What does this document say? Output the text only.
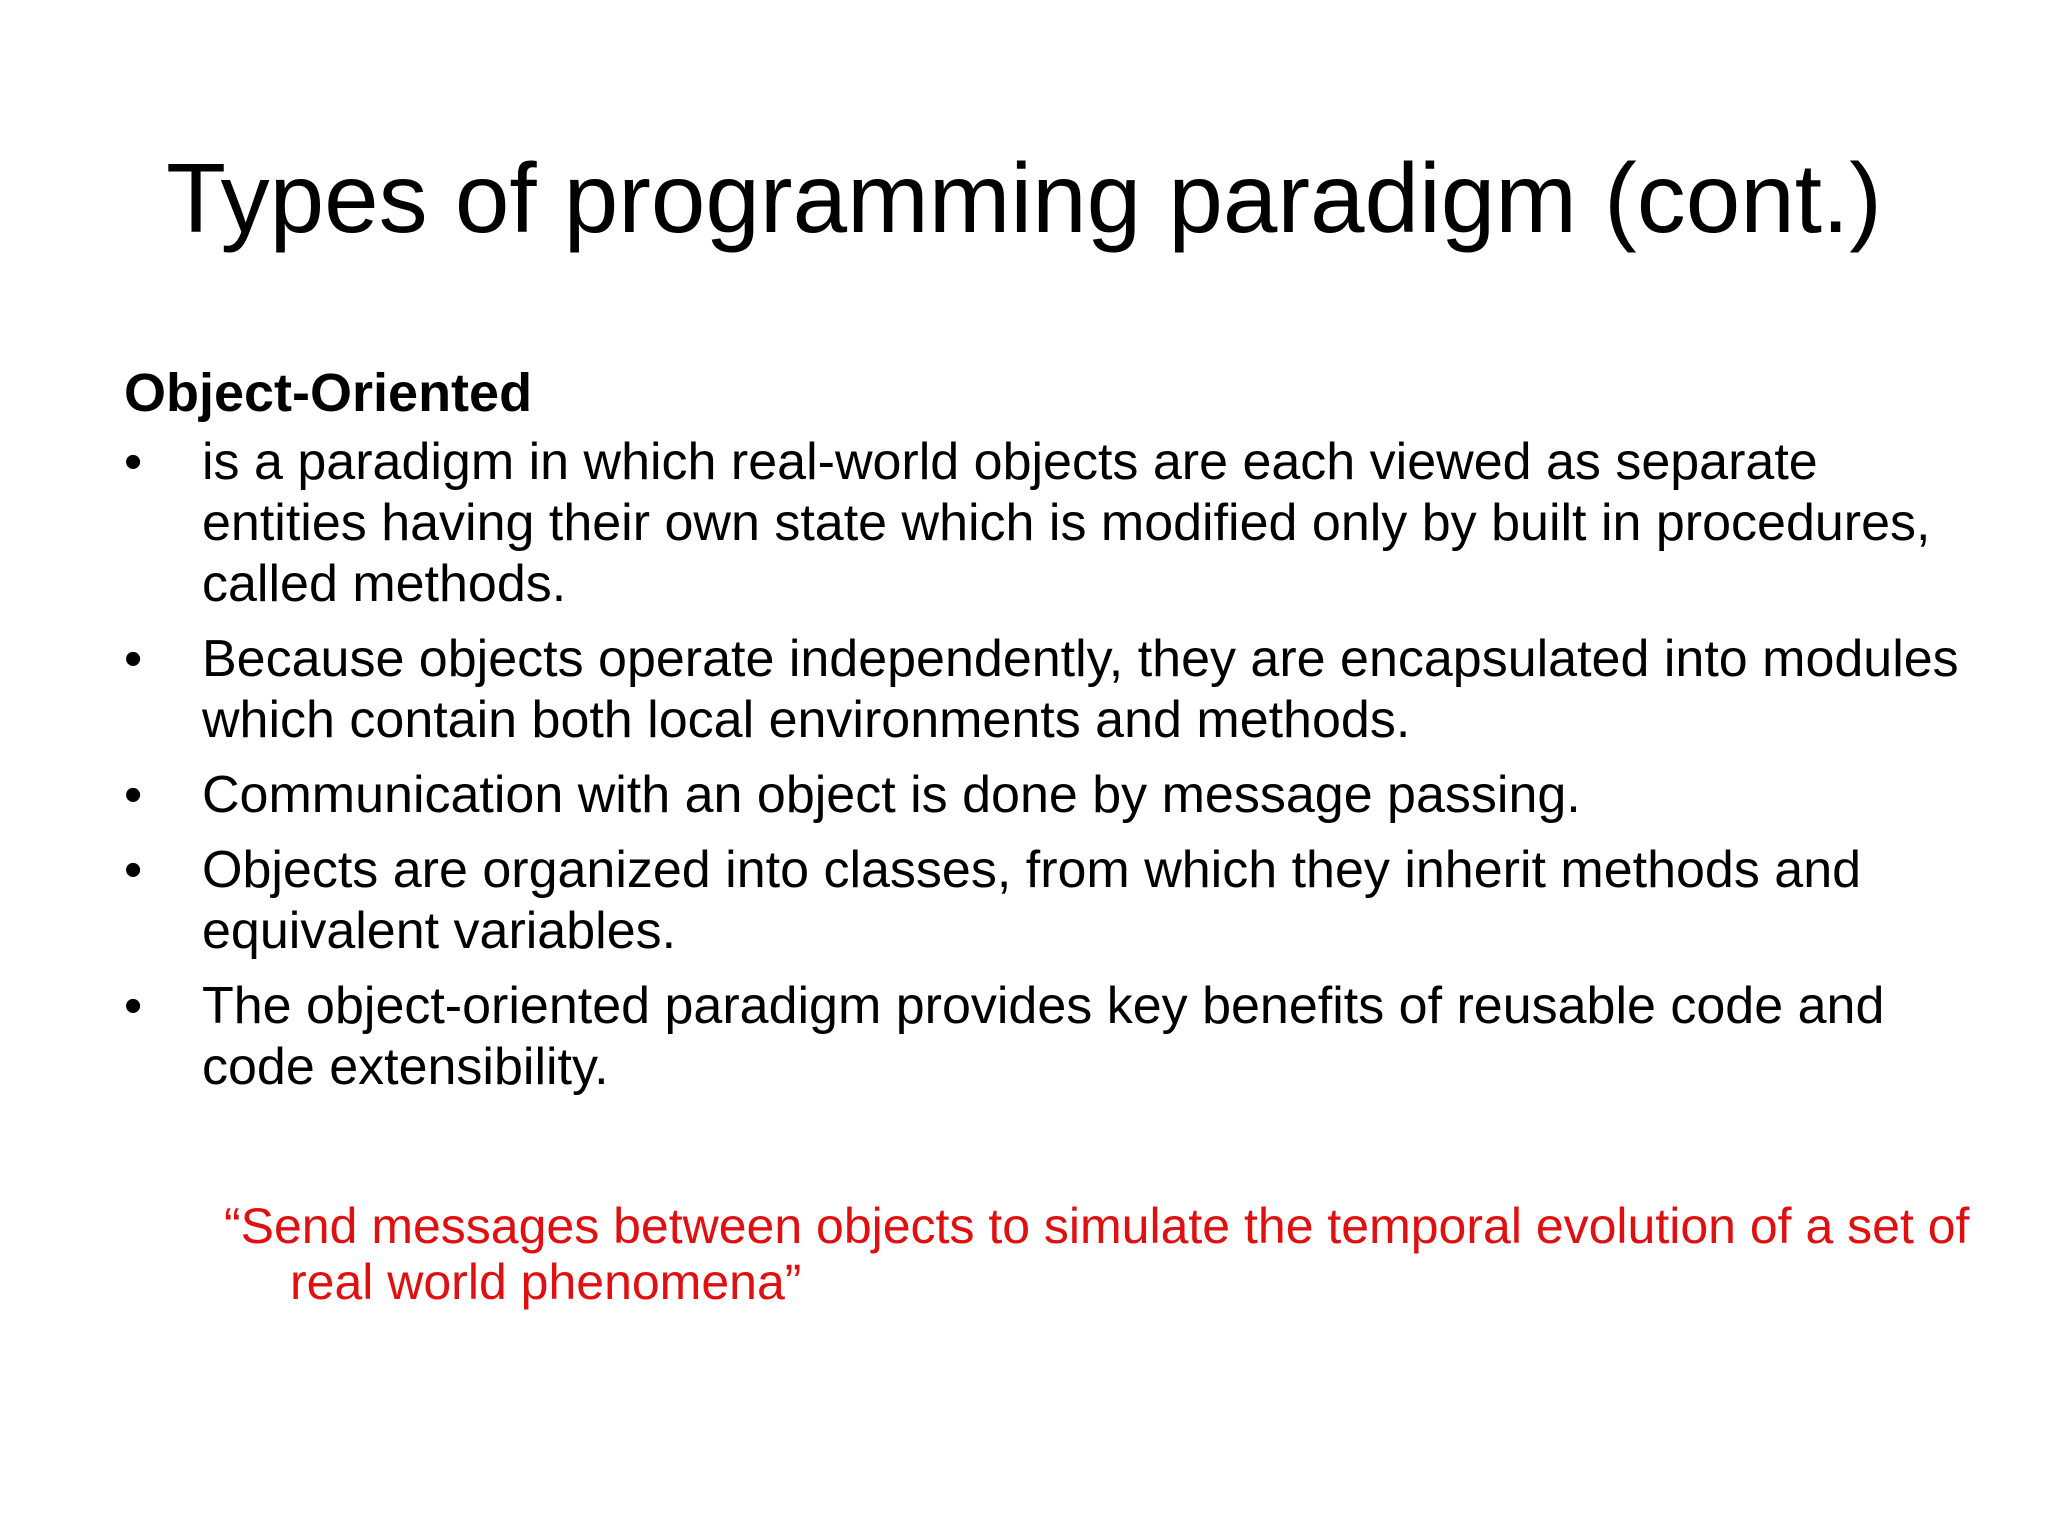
Types of programming paradigm (cont.)
Object-Oriented
•	is a paradigm in which real-world objects are each viewed as separate entities having their own state which is modified only by built in procedures, called methods.
•	Because objects operate independently, they are encapsulated into modules which contain both local environments and methods.
•	Communication with an object is done by message passing.
•	Objects are organized into classes, from which they inherit methods and equivalent variables.
•	The object-oriented paradigm provides key benefits of reusable code and code extensibility.
“Send messages between objects to simulate the temporal evolution of a set of real world phenomena”
